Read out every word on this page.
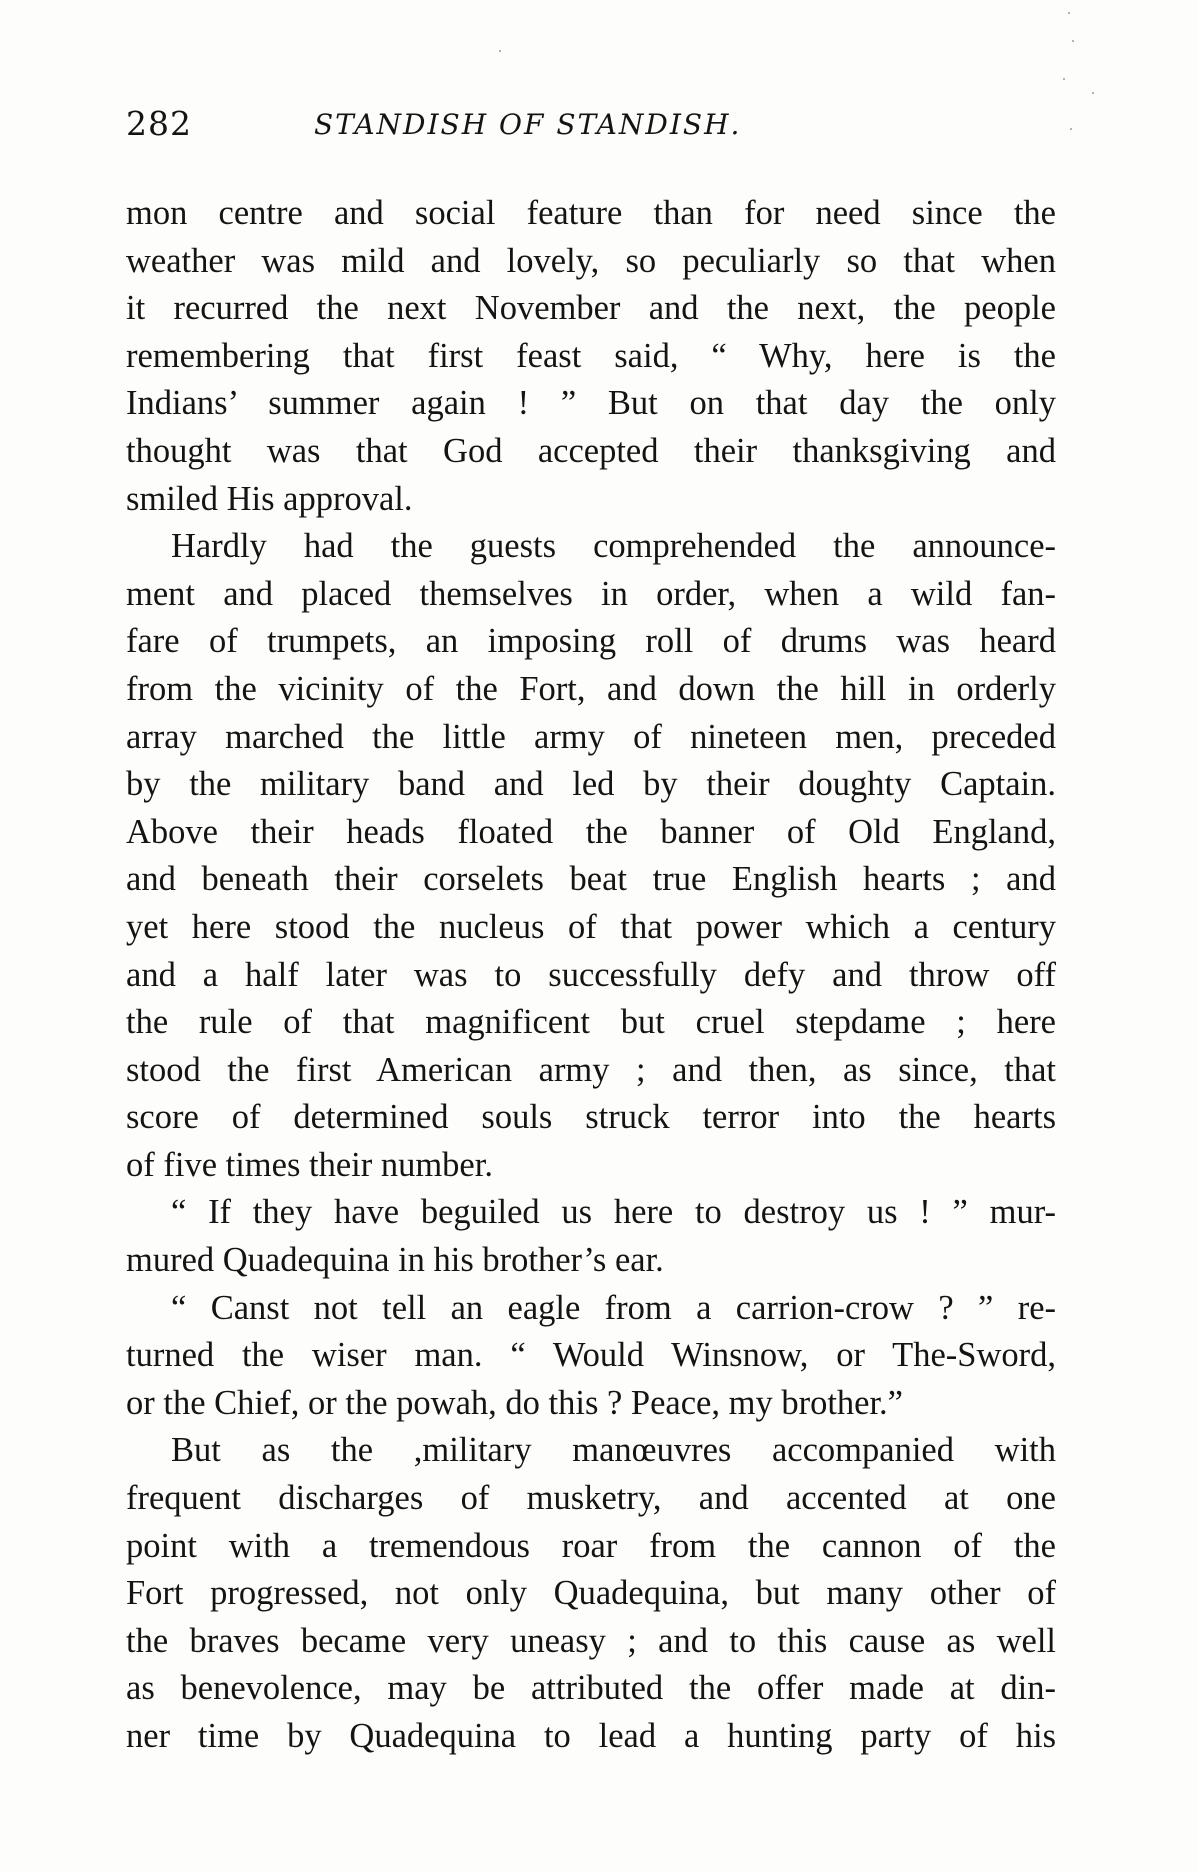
282	STANDISH OF STANDISH.
mon centre and social feature than for need since the
weather was mild and lovely, so peculiarly so that when
it recurred the next November and the next, the people
remembering that first feast said, “ Why, here is the
Indians’ summer again ! ” But on that day the only
thought was that God accepted their thanksgiving and
smiled His approval.
Hardly had the guests comprehended the announce-
ment and placed themselves in order, when a wild fan-
fare of trumpets, an imposing roll of drums was heard
from the vicinity of the Fort, and down the hill in orderly
array marched the little army of nineteen men, preceded
by the military band and led by their doughty Captain.
Above their heads floated the banner of Old England,
and beneath their corselets beat true English hearts ; and
yet here stood the nucleus of that power which a century
and a half later was to successfully defy and throw off
the rule of that magnificent but cruel stepdame ; here
stood the first American army ; and then, as since, that
score of determined souls struck terror into the hearts
of five times their number.
“ If they have beguiled us here to destroy us ! ” mur-
mured Quadequina in his brother’s ear.
“ Canst not tell an eagle from a carrion-crow ? ” re-
turned the wiser man. “ Would Winsnow, or The-Sword,
or the Chief, or the powah, do this ? Peace, my brother.”
But as the ,military manœuvres accompanied with
frequent discharges of musketry, and accented at one
point with a tremendous roar from the cannon of the
Fort progressed, not only Quadequina, but many other of
the braves became very uneasy ; and to this cause as well
as benevolence, may be attributed the offer made at din-
ner time by Quadequina to lead a hunting party of his
